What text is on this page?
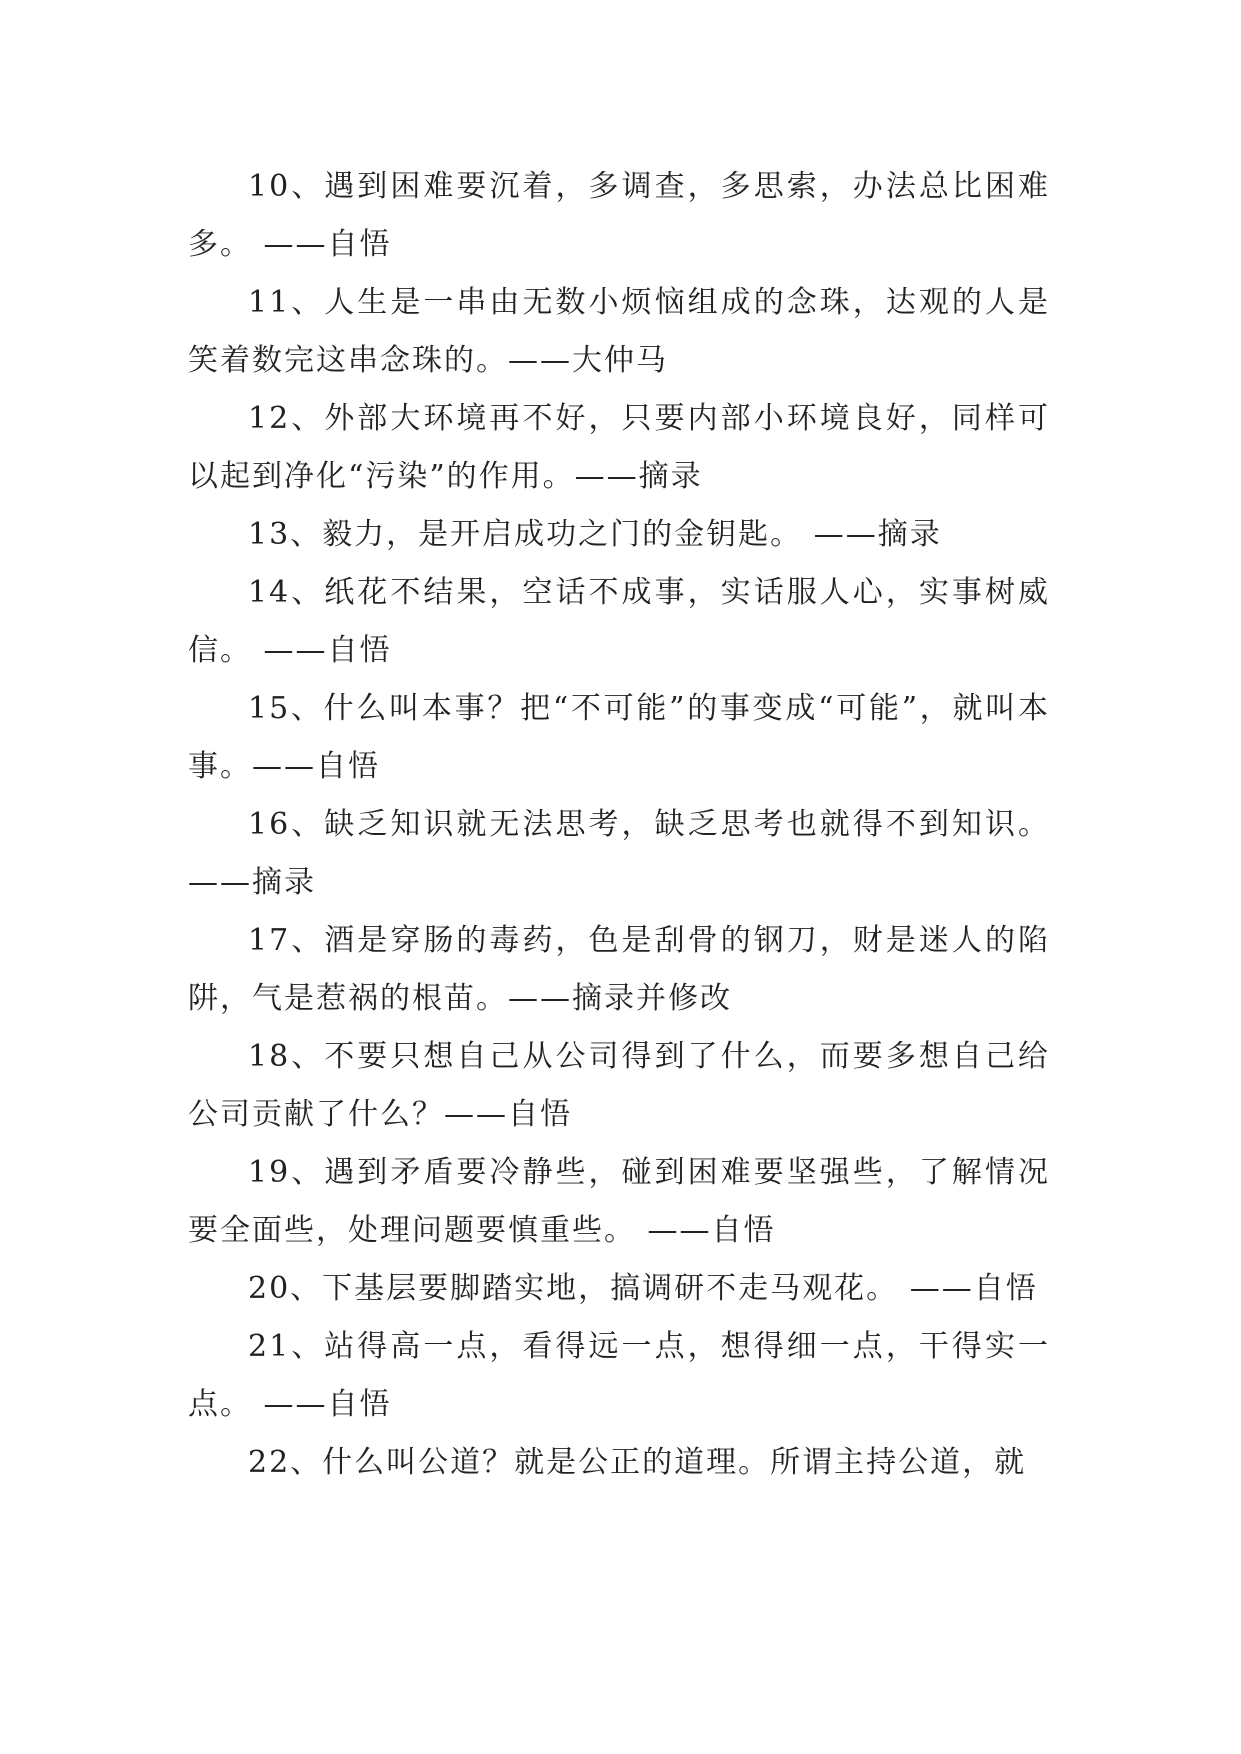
10、遇到困难要沉着，多调查，多思索，办法总比困难多。 ——自悟

11、人生是一串由无数小烦恼组成的念珠，达观的人是笑着数完这串念珠的。——大仲马

12、外部大环境再不好，只要内部小环境良好，同样可以起到净化“污染”的作用。——摘录

13、毅力，是开启成功之门的金钥匙。 ——摘录

14、纸花不结果，空话不成事，实话服人心，实事树威信。 ——自悟

15、什么叫本事？把“不可能”的事变成“可能”，就叫本事。——自悟

16、缺乏知识就无法思考，缺乏思考也就得不到知识。——摘录

17、酒是穿肠的毒药，色是刮骨的钢刀，财是迷人的陷阱，气是惹祸的根苗。——摘录并修改

18、不要只想自己从公司得到了什么，而要多想自己给公司贡献了什么？——自悟

19、遇到矛盾要冷静些，碰到困难要坚强些，了解情况要全面些，处理问题要慎重些。 ——自悟

20、下基层要脚踏实地，搞调研不走马观花。 ——自悟

21、站得高一点，看得远一点，想得细一点，干得实一点。 ——自悟

22、什么叫公道？就是公正的道理。所谓主持公道，就
